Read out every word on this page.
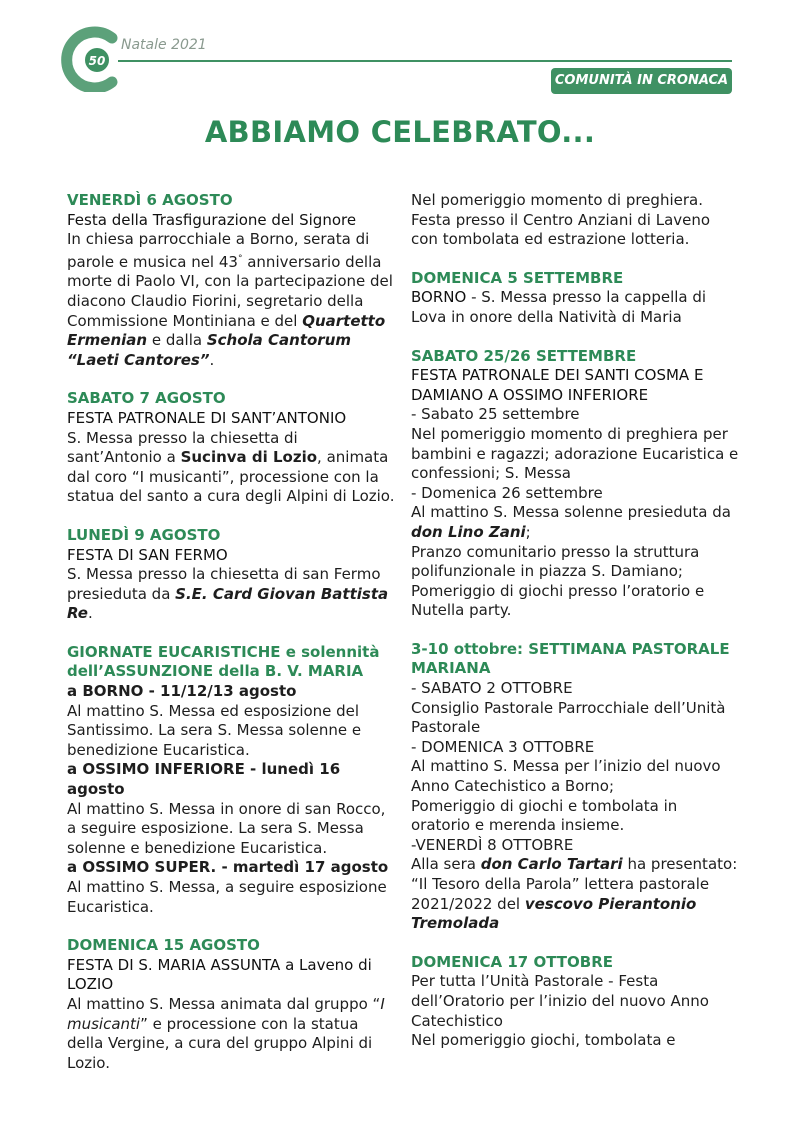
50
Natale 2021
COMUNITÀ IN CRONACA
ABBIAMO CELEBRATO...

VENERDÌ 6 AGOSTO

Festa della Trasfigurazione del Signore

In chiesa parrocchiale a Borno, serata di parole e musica nel 43° anniversario della morte di Paolo VI, con la partecipazione del diacono Claudio Fiorini, segretario della Commissione Montiniana e del Quartetto Ermenian e dalla Schola Cantorum “Laeti Cantores”.

SABATO 7 AGOSTO

FESTA PATRONALE DI SANT’ANTONIO

S. Messa presso la chiesetta di sant’Antonio a Sucinva di Lozio, animata dal coro “I musicanti”, processione con la statua del santo a cura degli Alpini di Lozio.

LUNEDÌ 9 AGOSTO

FESTA DI SAN FERMO

S. Messa presso la chiesetta di san Fermo presieduta da S.E. Card Giovan Battista Re.

GIORNATE EUCARISTICHE e solennità dell’ASSUNZIONE della B. V. MARIA

a BORNO - 11/12/13 agosto

Al mattino S. Messa ed esposizione del Santissimo. La sera S. Messa solenne e benedizione Eucaristica.

a OSSIMO INFERIORE - lunedì 16 agosto

Al mattino S. Messa in onore di san Rocco, a seguire esposizione. La sera S. Messa solenne e benedizione Eucaristica.

a OSSIMO SUPER. - martedì 17 agosto

Al mattino S. Messa, a seguire esposizione Eucaristica.

DOMENICA 15 AGOSTO

FESTA DI S. MARIA ASSUNTA a Laveno di LOZIO

Al mattino S. Messa animata dal gruppo “I musicanti” e processione con la statua della Vergine, a cura del gruppo Alpini di Lozio.

Nel pomeriggio momento di preghiera. Festa presso il Centro Anziani di Laveno con tombolata ed estrazione lotteria.

DOMENICA 5 SETTEMBRE

BORNO - S. Messa presso la cappella di Lova in onore della Natività di Maria

SABATO 25/26 SETTEMBRE

FESTA PATRONALE DEI SANTI COSMA E DAMIANO A OSSIMO INFERIORE

- Sabato 25 settembre

Nel pomeriggio momento di preghiera per bambini e ragazzi; adorazione Eucaristica e confessioni; S. Messa

- Domenica 26 settembre

Al mattino S. Messa solenne presieduta da don Lino Zani;

Pranzo comunitario presso la struttura polifunzionale in piazza S. Damiano;

Pomeriggio di giochi presso l’oratorio e Nutella party.

3-10 ottobre: SETTIMANA PASTORALE MARIANA

- SABATO 2 OTTOBRE

Consiglio Pastorale Parrocchiale dell’Unità Pastorale

- DOMENICA 3 OTTOBRE

Al mattino S. Messa per l’inizio del nuovo Anno Catechistico a Borno;

Pomeriggio di giochi e tombolata in oratorio e merenda insieme.

-VENERDÌ 8 OTTOBRE

Alla sera don Carlo Tartari ha presentato: “Il Tesoro della Parola” lettera pastorale 2021/2022 del vescovo Pierantonio Tremolada

DOMENICA 17 OTTOBRE

Per tutta l’Unità Pastorale - Festa dell’Oratorio per l’inizio del nuovo Anno Catechistico

Nel pomeriggio giochi, tombolata e
